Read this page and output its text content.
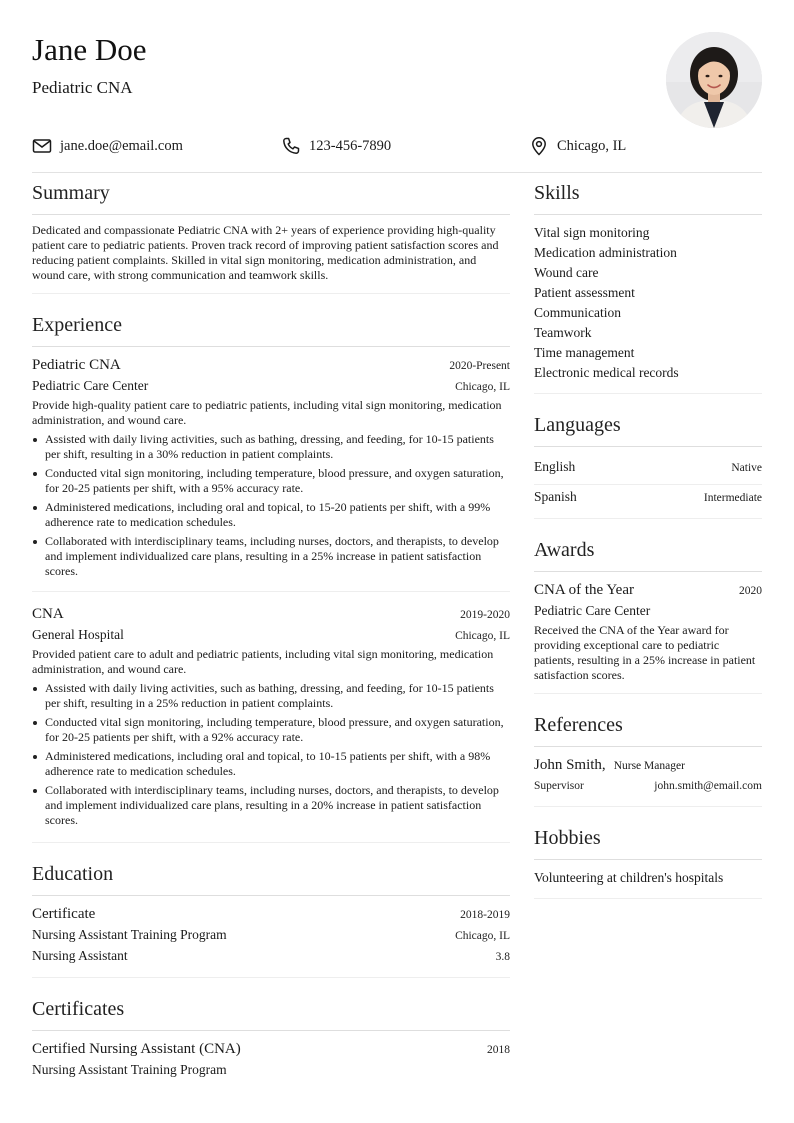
Jane Doe
Pediatric CNA
jane.doe@email.com	123-456-7890	Chicago, IL
Summary

Dedicated and compassionate Pediatric CNA with 2+ years of experience providing high-quality patient care to pediatric patients. Proven track record of improving patient satisfaction scores and reducing patient complaints. Skilled in vital sign monitoring, medication administration, and wound care, with strong communication and teamwork skills.

Experience
Pediatric CNA	2020-Present
Pediatric Care Center	Chicago, IL

Provide high-quality patient care to pediatric patients, including vital sign monitoring, medication administration, and wound care.

Assisted with daily living activities, such as bathing, dressing, and feeding, for 10-15 patients per shift, resulting in a 30% reduction in patient complaints.
Conducted vital sign monitoring, including temperature, blood pressure, and oxygen saturation, for 20-25 patients per shift, with a 95% accuracy rate.
Administered medications, including oral and topical, to 15-20 patients per shift, with a 99% adherence rate to medication schedules.
Collaborated with interdisciplinary teams, including nurses, doctors, and therapists, to develop and implement individualized care plans, resulting in a 25% increase in patient satisfaction scores.
CNA	2019-2020
General Hospital	Chicago, IL

Provided patient care to adult and pediatric patients, including vital sign monitoring, medication administration, and wound care.

Assisted with daily living activities, such as bathing, dressing, and feeding, for 10-15 patients per shift, resulting in a 25% reduction in patient complaints.
Conducted vital sign monitoring, including temperature, blood pressure, and oxygen saturation, for 20-25 patients per shift, with a 92% accuracy rate.
Administered medications, including oral and topical, to 10-15 patients per shift, with a 98% adherence rate to medication schedules.
Collaborated with interdisciplinary teams, including nurses, doctors, and therapists, to develop and implement individualized care plans, resulting in a 20% increase in patient satisfaction scores.
Education
Certificate	2018-2019
Nursing Assistant Training Program	Chicago, IL
Nursing Assistant	3.8
Certificates
Certified Nursing Assistant (CNA)	2018
Nursing Assistant Training Program
Skills
Vital sign monitoring
Medication administration
Wound care
Patient assessment
Communication
Teamwork
Time management
Electronic medical records
Languages
English	Native
Spanish	Intermediate
Awards
CNA of the Year	2020
Pediatric Care Center

Received the CNA of the Year award for providing exceptional care to pediatric patients, resulting in a 25% increase in patient satisfaction scores.

References
John Smith, Nurse Manager
Supervisor	john.smith@email.com
Hobbies
Volunteering at children's hospitals
